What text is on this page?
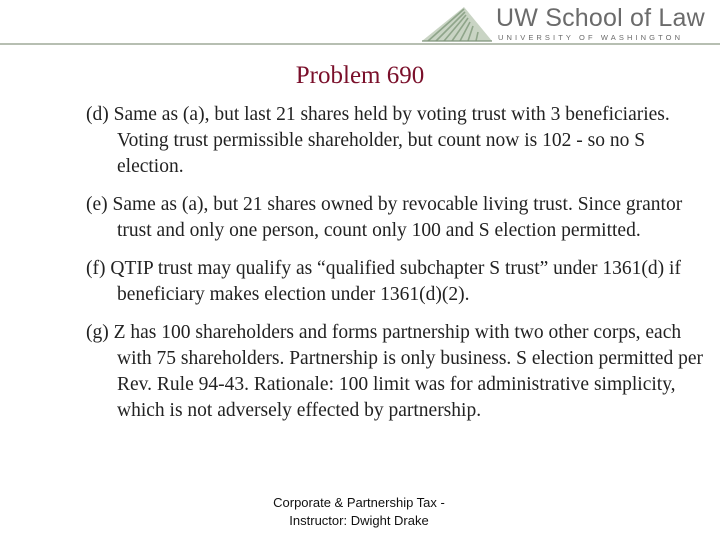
UW School of Law
UNIVERSITY OF WASHINGTON
Problem 690
(d) Same as (a), but last 21 shares held by voting trust with 3 beneficiaries. Voting trust permissible shareholder, but count now is 102 - so no S election.
(e) Same as (a), but 21 shares owned by revocable living trust. Since grantor trust and only one person, count only 100 and S election permitted.
(f) QTIP trust may qualify as “qualified subchapter S trust” under 1361(d) if beneficiary makes election under 1361(d)(2).
(g) Z has 100 shareholders and forms partnership with two other corps, each with 75 shareholders. Partnership is only business. S election permitted per Rev. Rule 94-43. Rationale: 100 limit was for administrative simplicity, which is not adversely effected by partnership.
Corporate & Partnership Tax -
Instructor: Dwight Drake
